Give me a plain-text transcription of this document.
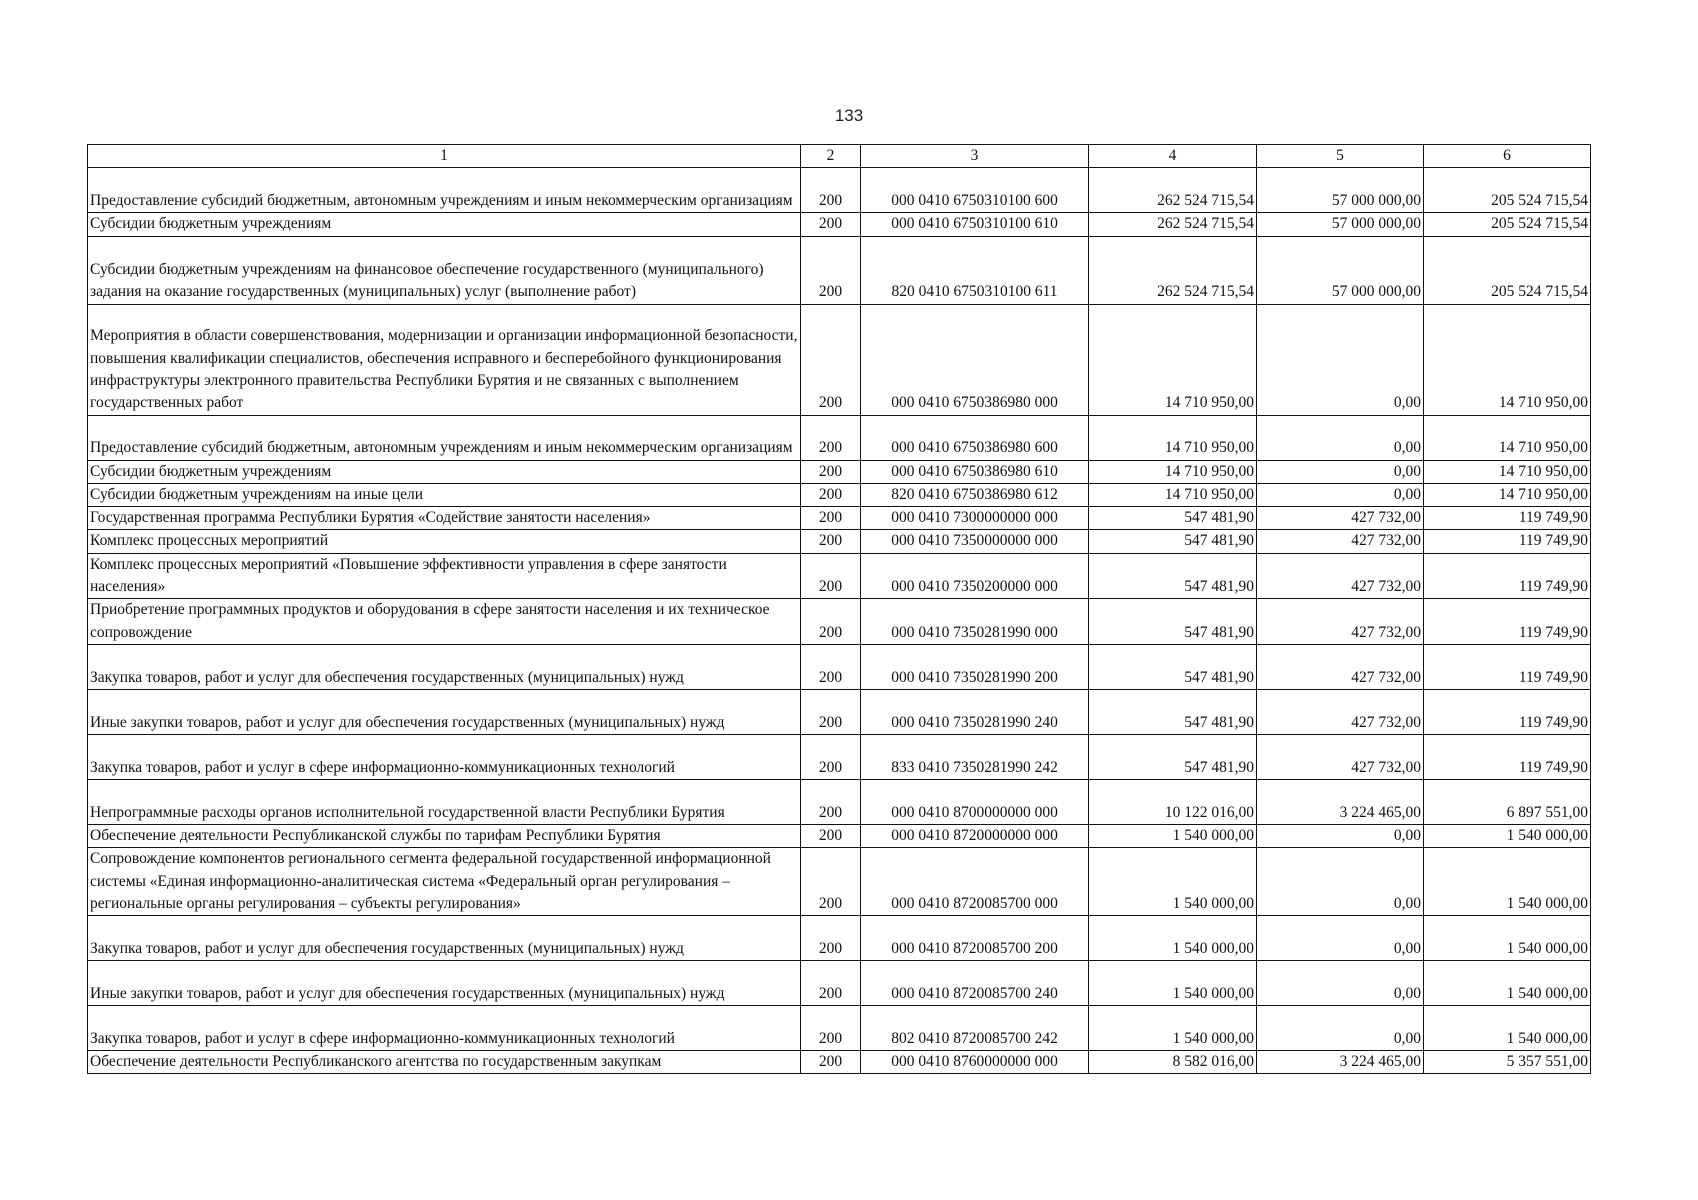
133
1	2	3	4	5	6
Предоставление субсидий бюджетным, автономным учреждениям и иным некоммерческим организациям	200	000 0410 6750310100 600	262 524 715,54	57 000 000,00	205 524 715,54
Субсидии бюджетным учреждениям	200	000 0410 6750310100 610	262 524 715,54	57 000 000,00	205 524 715,54
Субсидии бюджетным учреждениям на финансовое обеспечение государственного (муниципального) задания на оказание государственных (муниципальных) услуг (выполнение работ)	200	820 0410 6750310100 611	262 524 715,54	57 000 000,00	205 524 715,54
Мероприятия в области совершенствования, модернизации и организации информационной безопасности, повышения квалификации специалистов, обеспечения исправного и бесперебойного функционирования инфраструктуры электронного правительства Республики Бурятия и не связанных с выполнением государственных работ	200	000 0410 6750386980 000	14 710 950,00	0,00	14 710 950,00
Предоставление субсидий бюджетным, автономным учреждениям и иным некоммерческим организациям	200	000 0410 6750386980 600	14 710 950,00	0,00	14 710 950,00
Субсидии бюджетным учреждениям	200	000 0410 6750386980 610	14 710 950,00	0,00	14 710 950,00
Субсидии бюджетным учреждениям на иные цели	200	820 0410 6750386980 612	14 710 950,00	0,00	14 710 950,00
Государственная программа Республики Бурятия «Содействие занятости населения»	200	000 0410 7300000000 000	547 481,90	427 732,00	119 749,90
Комплекс процессных мероприятий	200	000 0410 7350000000 000	547 481,90	427 732,00	119 749,90
Комплекс процессных мероприятий «Повышение эффективности управления в сфере занятости населения»	200	000 0410 7350200000 000	547 481,90	427 732,00	119 749,90
Приобретение программных продуктов и оборудования в сфере занятости населения и их техническое сопровождение	200	000 0410 7350281990 000	547 481,90	427 732,00	119 749,90
Закупка товаров, работ и услуг для обеспечения государственных (муниципальных) нужд	200	000 0410 7350281990 200	547 481,90	427 732,00	119 749,90
Иные закупки товаров, работ и услуг для обеспечения государственных (муниципальных) нужд	200	000 0410 7350281990 240	547 481,90	427 732,00	119 749,90
Закупка товаров, работ и услуг в сфере информационно-коммуникационных технологий	200	833 0410 7350281990 242	547 481,90	427 732,00	119 749,90
Непрограммные расходы органов исполнительной государственной власти Республики Бурятия	200	000 0410 8700000000 000	10 122 016,00	3 224 465,00	6 897 551,00
Обеспечение деятельности Республиканской службы по тарифам Республики Бурятия	200	000 0410 8720000000 000	1 540 000,00	0,00	1 540 000,00
Сопровождение компонентов регионального сегмента федеральной государственной информационной системы «Единая информационно-аналитическая система «Федеральный орган регулирования – региональные органы регулирования – субъекты регулирования»	200	000 0410 8720085700 000	1 540 000,00	0,00	1 540 000,00
Закупка товаров, работ и услуг для обеспечения государственных (муниципальных) нужд	200	000 0410 8720085700 200	1 540 000,00	0,00	1 540 000,00
Иные закупки товаров, работ и услуг для обеспечения государственных (муниципальных) нужд	200	000 0410 8720085700 240	1 540 000,00	0,00	1 540 000,00
Закупка товаров, работ и услуг в сфере информационно-коммуникационных технологий	200	802 0410 8720085700 242	1 540 000,00	0,00	1 540 000,00
Обеспечение деятельности Республиканского агентства по государственным закупкам	200	000 0410 8760000000 000	8 582 016,00	3 224 465,00	5 357 551,00
